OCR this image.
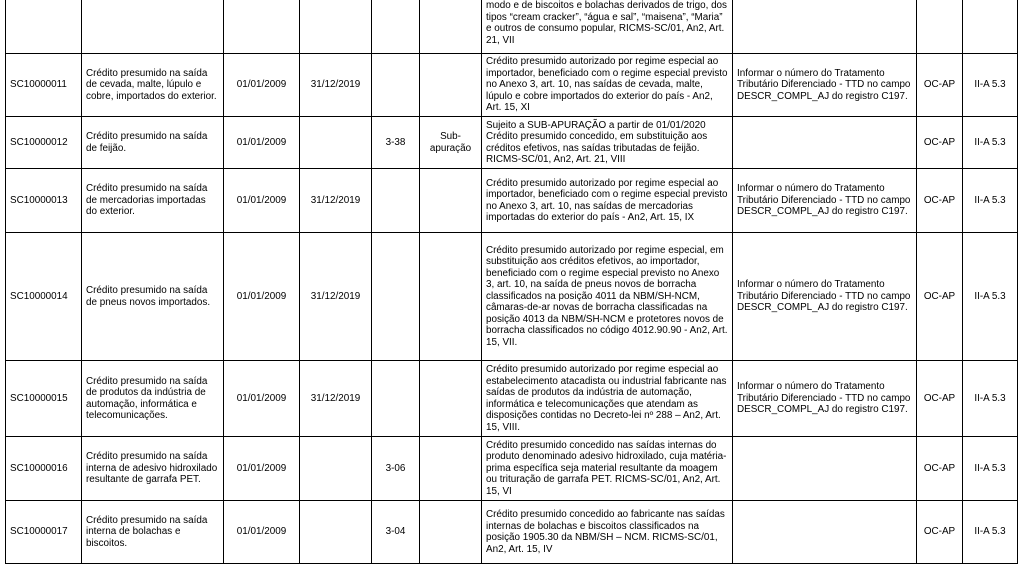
						modo e de biscoitos e bolachas derivados de trigo, dos tipos “cream cracker”, “água e sal”, “maisena”, “Maria” e outros de consumo popular, RICMS-SC/01, An2, Art. 21, VII			
SC10000011	Crédito presumido na saída de cevada, malte, lúpulo e cobre, importados do exterior.	01/01/2009	31/12/2019			Crédito presumido autorizado por regime especial ao importador, beneficiado com o regime especial previsto no Anexo 3, art. 10, nas saídas de cevada, malte, lúpulo e cobre importados do exterior do país - An2, Art. 15, XI	Informar o número do Tratamento Tributário Diferenciado - TTD no campo DESCR_COMPL_AJ do registro C197.	OC-AP	II-A 5.3
SC10000012	Crédito presumido na saída de feijão.	01/01/2009		3-38	Sub-apuração	Sujeito a SUB-APURAÇÃO a partir de 01/01/2020 Crédito presumido concedido, em substituição aos créditos efetivos, nas saídas tributadas de feijão. RICMS-SC/01, An2, Art. 21, VIII		OC-AP	II-A 5.3
SC10000013	Crédito presumido na saída de mercadorias importadas do exterior.	01/01/2009	31/12/2019			Crédito presumido autorizado por regime especial ao importador, beneficiado com o regime especial previsto no Anexo 3, art. 10, nas saídas de mercadorias importadas do exterior do país - An2, Art. 15, IX	Informar o número do Tratamento Tributário Diferenciado - TTD no campo DESCR_COMPL_AJ do registro C197.	OC-AP	II-A 5.3
SC10000014	Crédito presumido na saída de pneus novos importados.	01/01/2009	31/12/2019			Crédito presumido autorizado por regime especial, em substituição aos créditos efetivos, ao importador, beneficiado com o regime especial previsto no Anexo 3, art. 10, na saída de pneus novos de borracha classificados na posição 4011 da NBM/SH-NCM, câmaras-de-ar novas de borracha classificadas na posição 4013 da NBM/SH-NCM e protetores novos de borracha classificados no código 4012.90.90 - An2, Art. 15, VII.	Informar o número do Tratamento Tributário Diferenciado - TTD no campo DESCR_COMPL_AJ do registro C197.	OC-AP	II-A 5.3
SC10000015	Crédito presumido na saída de produtos da indústria de automação, informática e telecomunicações.	01/01/2009	31/12/2019			Crédito presumido autorizado por regime especial ao estabelecimento atacadista ou industrial fabricante nas saídas de produtos da indústria de automação, informática e telecomunicações que atendam as disposições contidas no Decreto-lei nº 288 – An2, Art. 15, VIII.	Informar o número do Tratamento Tributário Diferenciado - TTD no campo DESCR_COMPL_AJ do registro C197.	OC-AP	II-A 5.3
SC10000016	Crédito presumido na saída interna de adesivo hidroxilado resultante de garrafa PET.	01/01/2009		3-06		Crédito presumido concedido nas saídas internas do produto denominado adesivo hidroxilado, cuja matéria-prima específica seja material resultante da moagem ou trituração de garrafa PET. RICMS-SC/01, An2, Art. 15, VI		OC-AP	II-A 5.3
SC10000017	Crédito presumido na saída interna de bolachas e biscoitos.	01/01/2009		3-04		Crédito presumido concedido ao fabricante nas saídas internas de bolachas e biscoitos classificados na posição 1905.30 da NBM/SH – NCM. RICMS-SC/01, An2, Art. 15, IV		OC-AP	II-A 5.3
